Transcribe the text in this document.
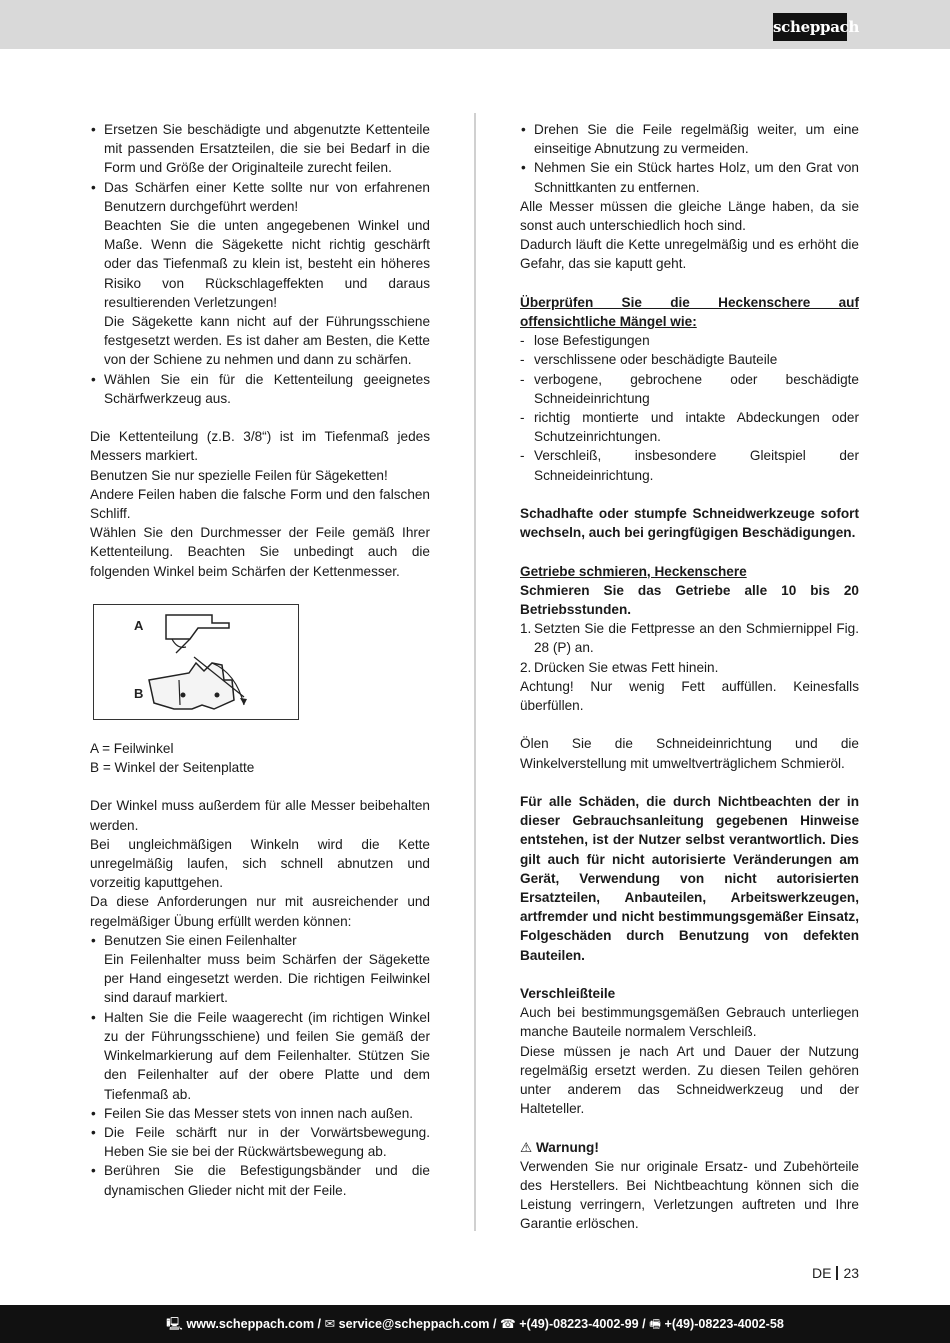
scheppach

• Ersetzen Sie beschädigte und abgenutzte Kettenteile mit passenden Ersatzteilen, die sie bei Bedarf in die Form und Größe der Originalteile zurecht feilen.

• Das Schärfen einer Kette sollte nur von erfahrenen Benutzern durchgeführt werden!

Beachten Sie die unten angegebenen Winkel und Maße. Wenn die Sägekette nicht richtig geschärft oder das Tiefenmaß zu klein ist, besteht ein höheres Risiko von Rückschlageffekten und daraus resultierenden Verletzungen!

Die Sägekette kann nicht auf der Führungsschiene festgesetzt werden. Es ist daher am Besten, die Kette von der Schiene zu nehmen und dann zu schärfen.

• Wählen Sie ein für die Kettenteilung geeignetes Schärfwerkzeug aus.

Die Kettenteilung (z.B. 3/8“) ist im Tiefenmaß jedes Messers markiert.

Benutzen Sie nur spezielle Feilen für Sägeketten!

Andere Feilen haben die falsche Form und den falschen Schliff.

Wählen Sie den Durchmesser der Feile gemäß Ihrer Kettenteilung. Beachten Sie unbedingt auch die folgenden Winkel beim Schärfen der Kettenmesser.

A
B

A = Feilwinkel

B = Winkel der Seitenplatte

Der Winkel muss außerdem für alle Messer beibehalten werden.

Bei ungleichmäßigen Winkeln wird die Kette unregelmäßig laufen, sich schnell abnutzen und vorzeitig kaputtgehen.

Da diese Anforderungen nur mit ausreichender und regelmäßiger Übung erfüllt werden können:

• Benutzen Sie einen Feilenhalter

Ein Feilenhalter muss beim Schärfen der Sägekette per Hand eingesetzt werden. Die richtigen Feilwinkel sind darauf markiert.

• Halten Sie die Feile waagerecht (im richtigen Winkel zu der Führungsschiene) und feilen Sie gemäß der Winkelmarkierung auf dem Feilenhalter. Stützen Sie den Feilenhalter auf der obere Platte und dem Tiefenmaß ab.

• Feilen Sie das Messer stets von innen nach außen.

• Die Feile schärft nur in der Vorwärtsbewegung. Heben Sie sie bei der Rückwärtsbewegung ab.

• Berühren Sie die Befestigungsbänder und die dynamischen Glieder nicht mit der Feile.

• Drehen Sie die Feile regelmäßig weiter, um eine einseitige Abnutzung zu vermeiden.

• Nehmen Sie ein Stück hartes Holz, um den Grat von Schnittkanten zu entfernen.

Alle Messer müssen die gleiche Länge haben, da sie sonst auch unterschiedlich hoch sind.

Dadurch läuft die Kette unregelmäßig und es erhöht die Gefahr, das sie kaputt geht.

Überprüfen Sie die Heckenschere auf offensichtliche Mängel wie:

- lose Befestigungen

- verschlissene oder beschädigte Bauteile

- verbogene, gebrochene oder beschädigte Schneideinrichtung

- richtig montierte und intakte Abdeckungen oder Schutzeinrichtungen.

- Verschleiß, insbesondere Gleitspiel der Schneideinrichtung.

Schadhafte oder stumpfe Schneidwerkzeuge sofort wechseln, auch bei geringfügigen Beschädigungen.

Getriebe schmieren, Heckenschere

Schmieren Sie das Getriebe alle 10 bis 20 Betriebsstunden.

1. Setzten Sie die Fettpresse an den Schmiernippel Fig. 28 (P) an.

2. Drücken Sie etwas Fett hinein.

Achtung! Nur wenig Fett auffüllen. Keinesfalls überfüllen.

Ölen Sie die Schneideinrichtung und die Winkelverstellung mit umweltverträglichem Schmieröl.

Für alle Schäden, die durch Nichtbeachten der in dieser Gebrauchsanleitung gegebenen Hinweise entstehen, ist der Nutzer selbst verantwortlich. Dies gilt auch für nicht autorisierte Veränderungen am Gerät, Verwendung von nicht autorisierten Ersatzteilen, Anbauteilen, Arbeitswerkzeugen, artfremder und nicht bestimmungsgemäßer Einsatz, Folgeschäden durch Benutzung von defekten Bauteilen.

Verschleißteile

Auch bei bestimmungsgemäßen Gebrauch unterliegen manche Bauteile normalem Verschleiß.

Diese müssen je nach Art und Dauer der Nutzung regelmäßig ersetzt werden. Zu diesen Teilen gehören unter anderem das Schneidwerkzeug und der Halteteller.

⚠ Warnung!

Verwenden Sie nur originale Ersatz- und Zubehörteile des Herstellers. Bei Nichtbeachtung können sich die Leistung verringern, Verletzungen auftreten und Ihre Garantie erlöschen.

DE 23
🖳 www.scheppach.com / ✉ service@scheppach.com / ☎ +(49)-08223-4002-99 / 🖷 +(49)-08223-4002-58
